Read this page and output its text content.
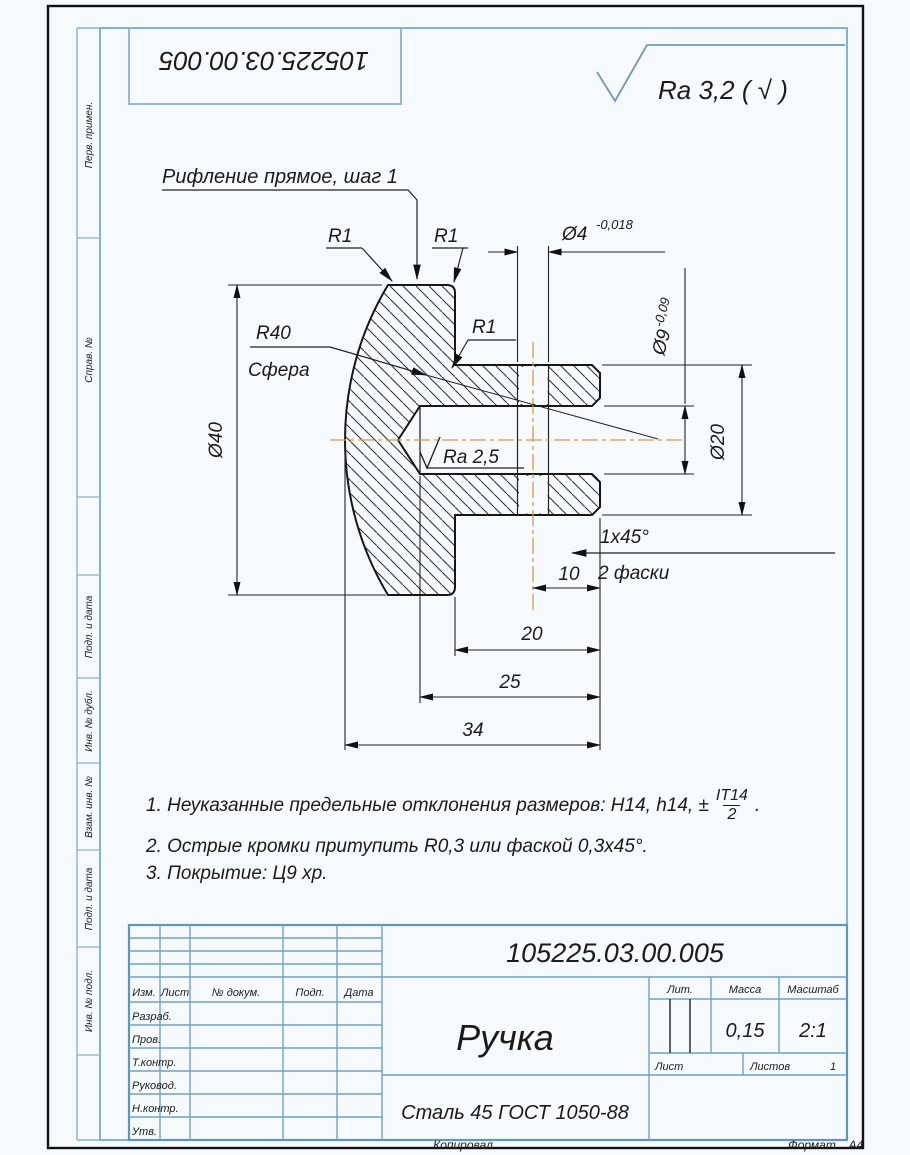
Перв. примен.
Справ. №
Подп. и дата
Инв. № дубл.
Взам. инв. №
Подп. и дата
Инв. № подл.
105225.03.00.005
Ra 3,2 ( √ )
Ø40	Ø20
Ø9
-0,09
Ø4 -0,018
10
20
25
34
Рифление прямое, шаг 1
R1	R1
R1
R40
Сфера
Ra 2,5
1х45°
2 фаски
105225.03.00.005
Ручка
Сталь 45 ГОСТ 1050-88
Изм. Лист № докум.	Подп. Дата
Разраб.
Пров.
Т.контр.
Руковод.
Н.контр.
Утв.
Лит.	Масса Масштаб
0,15 2:1
Лист	Листов	1
Копировал	Формат А4
1. Неуказанные предельные отклонения размеров: H14, h14, ± $\frac{IT14}{2}$ .
2. Острые кромки притупить R0,3 или фаской 0,3х45°.
3. Покрытие: Ц9 хр.
